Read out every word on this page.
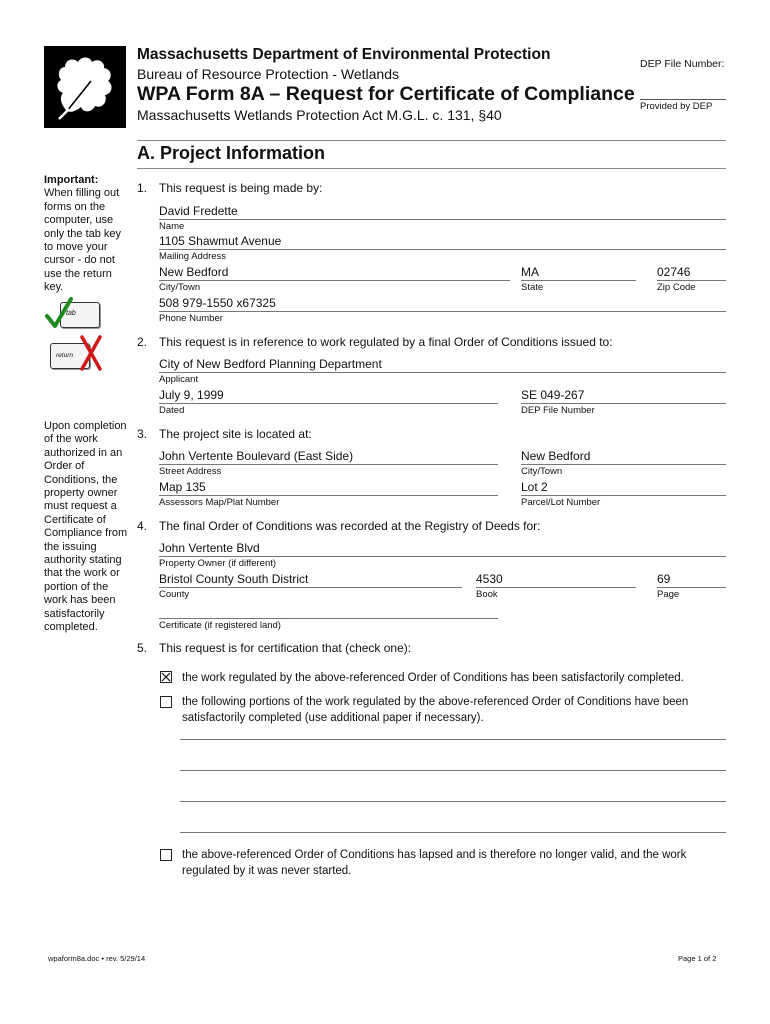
Massachusetts Department of Environmental Protection
Bureau of Resource Protection - Wetlands
WPA Form 8A – Request for Certificate of Compliance
Massachusetts Wetlands Protection Act M.G.L. c. 131, §40
DEP File Number:
Provided by DEP
A. Project Information
Important:
When filling out forms on the computer, use only the tab key to move your cursor - do not use the return key.
tab
return
Upon completion of the work authorized in an Order of Conditions, the property owner must request a Certificate of Compliance from the issuing authority stating that the work or portion of the work has been satisfactorily completed.
1. This request is being made by:
David Fredette
Name
1105 Shawmut Avenue
Mailing Address
New Bedford
City/Town
MA
State
02746
Zip Code
508 979-1550 x67325
Phone Number
2. This request is in reference to work regulated by a final Order of Conditions issued to:
City of New Bedford Planning Department
Applicant
July 9, 1999
Dated
SE 049-267
DEP File Number
3. The project site is located at:
John Vertente Boulevard (East Side)
Street Address
New Bedford
City/Town
Map 135
Assessors Map/Plat Number
Lot 2
Parcel/Lot Number
4. The final Order of Conditions was recorded at the Registry of Deeds for:
John Vertente Blvd
Property Owner (if different)
Bristol County South District
County
4530
Book
69
Page
Certificate (if registered land)
5. This request is for certification that (check one):
the work regulated by the above-referenced Order of Conditions has been satisfactorily completed.
the following portions of the work regulated by the above-referenced Order of Conditions have been satisfactorily completed (use additional paper if necessary).
the above-referenced Order of Conditions has lapsed and is therefore no longer valid, and the work regulated by it was never started.
wpaform8a.doc • rev. 5/29/14	Page 1 of 2
